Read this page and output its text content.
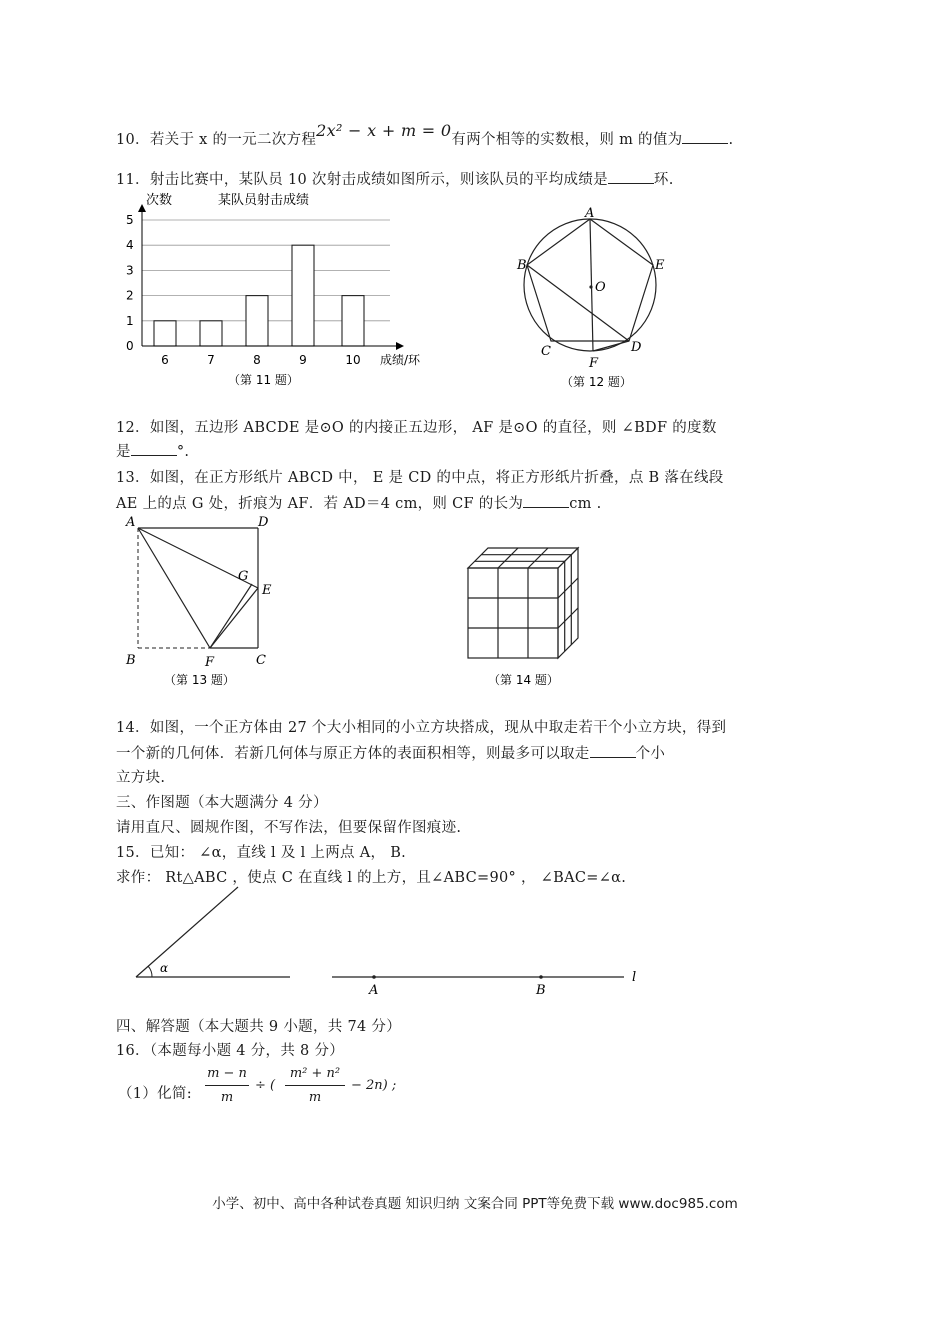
10．若关于 x 的一元二次方程2x² − x + m = 0有两个相等的实数根，则 m 的值为	.
11．射击比赛中，某队员 10 次射击成绩如图所示，则该队员的平均成绩是	环.
次数	某队员射击成绩
0
1
2
3
4
5
6	7	8	9	10 成绩/环
（第 11 题）
A
B
C	D
E
O
F
（第 12 题）
12．如图，五边形 ABCDE 是⊙O 的内接正五边形， AF 是⊙O 的直径，则 ∠BDF 的度数
是	°.
13．如图，在正方形纸片 ABCD 中， E 是 CD 的中点，将正方形纸片折叠，点 B 落在线段
AE 上的点 G 处，折痕为 AF．若 AD＝4 cm，则 CF 的长为	cm .
A	D
G
E
B	F	C
（第 13 题）	（第 14 题）
14．如图，一个正方体由 27 个大小相同的小立方块搭成，现从中取走若干个小立方块，得到
一个新的几何体．若新几何体与原正方体的表面积相等，则最多可以取走	个小
立方块.
三、作图题（本大题满分 4 分）
请用直尺、圆规作图，不写作法，但要保留作图痕迹.
15．已知： ∠α，直线 l 及 l 上两点 A， B.
求作： Rt△ABC ，使点 C 在直线 l 的上方，且∠ABC=90° ， ∠BAC=∠α.
α
A	B
l
四、解答题（本大题共 9 小题，共 74 分）
16．（本题每小题 4 分，共 8 分）
（1）化简:
m − n
m
÷ (
m² + n²
m
− 2n) ;
小学、初中、高中各种试卷真题 知识归纳 文案合同 PPT等免费下载 www.doc985.com
